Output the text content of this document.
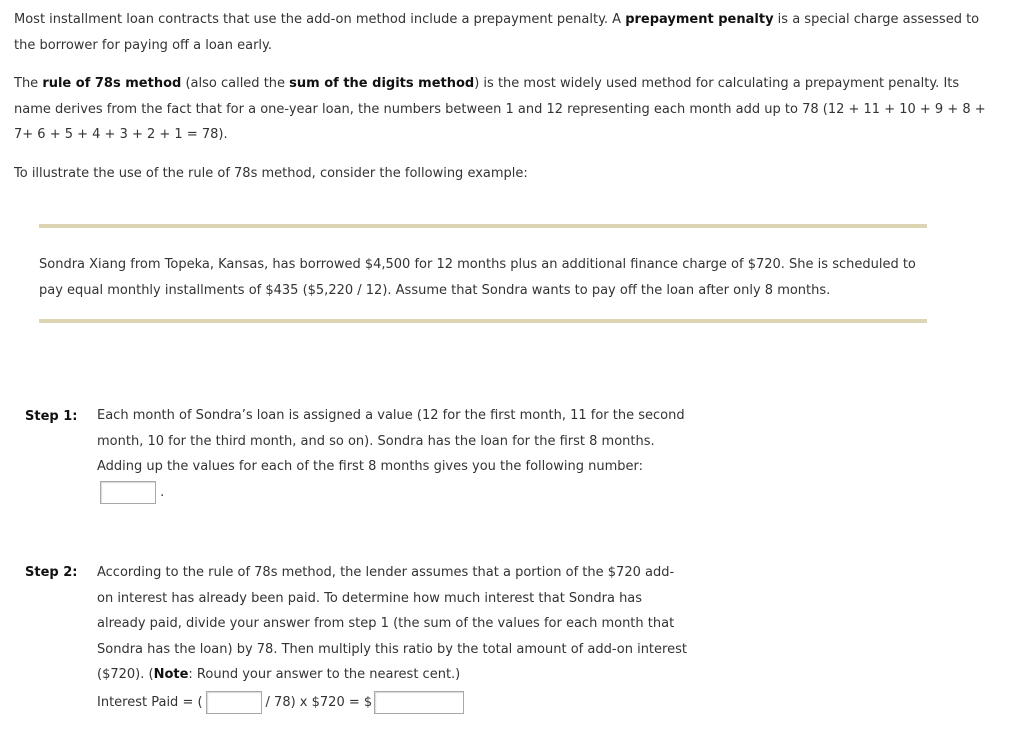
Most installment loan contracts that use the add-on method include a prepayment penalty. A prepayment penalty is a special charge assessed to the borrower for paying off a loan early.

The rule of 78s method (also called the sum of the digits method) is the most widely used method for calculating a prepayment penalty. Its name derives from the fact that for a one-year loan, the numbers between 1 and 12 representing each month add up to 78 (12 + 11 + 10 + 9 + 8 + 7+ 6 + 5 + 4 + 3 + 2 + 1 = 78).

To illustrate the use of the rule of 78s method, consider the following example:

Sondra Xiang from Topeka, Kansas, has borrowed $4,500 for 12 months plus an additional finance charge of $720. She is scheduled to pay equal monthly installments of $435 ($5,220 / 12). Assume that Sondra wants to pay off the loan after only 8 months.

Step 1: Each month of Sondra’s loan is assigned a value (12 for the first month, 11 for the second month, 10 for the third month, and so on). Sondra has the loan for the first 8 months. Adding up the values for each of the first 8 months gives you the following number:

.
Step 2: According to the rule of 78s method, the lender assumes that a portion of the $720 add-on interest has already been paid. To determine how much interest that Sondra has already paid, divide your answer from step 1 (the sum of the values for each month that Sondra has the loan) by 78. Then multiply this ratio by the total amount of add-on interest ($720). (Note: Round your answer to the nearest cent.)

Interest Paid = (	/ 78) x $720 = $
